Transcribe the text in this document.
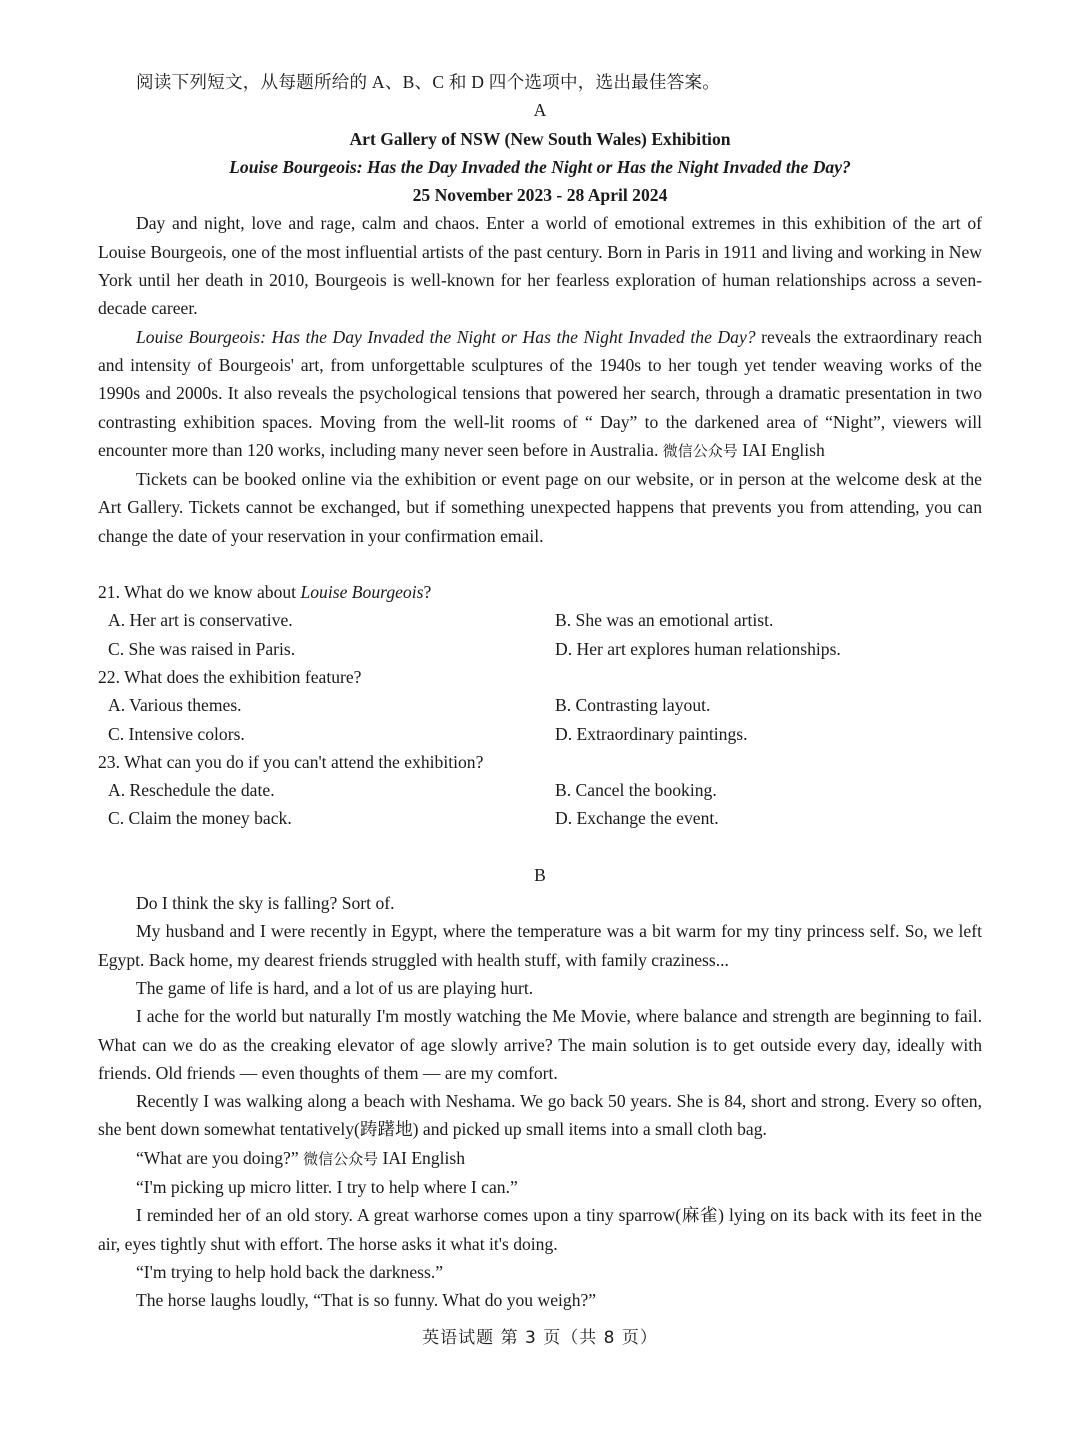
阅读下列短文，从每题所给的 A、B、C 和 D 四个选项中，选出最佳答案。

A

Art Gallery of NSW (New South Wales) Exhibition

Louise Bourgeois: Has the Day Invaded the Night or Has the Night Invaded the Day?

25 November 2023 - 28 April 2024

Day and night, love and rage, calm and chaos. Enter a world of emotional extremes in this exhibition of the art of Louise Bourgeois, one of the most influential artists of the past century. Born in Paris in 1911 and living and working in New York until her death in 2010, Bourgeois is well-known for her fearless exploration of human relationships across a seven-decade career.

Louise Bourgeois: Has the Day Invaded the Night or Has the Night Invaded the Day? reveals the extraordinary reach and intensity of Bourgeois' art, from unforgettable sculptures of the 1940s to her tough yet tender weaving works of the 1990s and 2000s. It also reveals the psychological tensions that powered her search, through a dramatic presentation in two contrasting exhibition spaces. Moving from the well-lit rooms of “ Day” to the darkened area of “Night”, viewers will encounter more than 120 works, including many never seen before in Australia. 微信公众号 IAI English

Tickets can be booked online via the exhibition or event page on our website, or in person at the welcome desk at the Art Gallery. Tickets cannot be exchanged, but if something unexpected happens that prevents you from attending, you can change the date of your reservation in your confirmation email.

21. What do we know about Louise Bourgeois?

A. Her art is conservative.	B. She was an emotional artist.
C. She was raised in Paris.	D. Her art explores human relationships.

22. What does the exhibition feature?

A. Various themes.	B. Contrasting layout.
C. Intensive colors.	D. Extraordinary paintings.

23. What can you do if you can't attend the exhibition?

A. Reschedule the date.	B. Cancel the booking.
C. Claim the money back.	D. Exchange the event.

B

Do I think the sky is falling? Sort of.

My husband and I were recently in Egypt, where the temperature was a bit warm for my tiny princess self. So, we left Egypt. Back home, my dearest friends struggled with health stuff, with family craziness...

The game of life is hard, and a lot of us are playing hurt.

I ache for the world but naturally I'm mostly watching the Me Movie, where balance and strength are beginning to fail. What can we do as the creaking elevator of age slowly arrive? The main solution is to get outside every day, ideally with friends. Old friends — even thoughts of them — are my comfort.

Recently I was walking along a beach with Neshama. We go back 50 years. She is 84, short and strong. Every so often, she bent down somewhat tentatively(踌躇地) and picked up small items into a small cloth bag.

“What are you doing?” 微信公众号 IAI English

“I'm picking up micro litter. I try to help where I can.”

I reminded her of an old story. A great warhorse comes upon a tiny sparrow(麻雀) lying on its back with its feet in the air, eyes tightly shut with effort. The horse asks it what it's doing.

“I'm trying to help hold back the darkness.”

The horse laughs loudly, “That is so funny. What do you weigh?”

英语试题 第 3 页（共 8 页）
